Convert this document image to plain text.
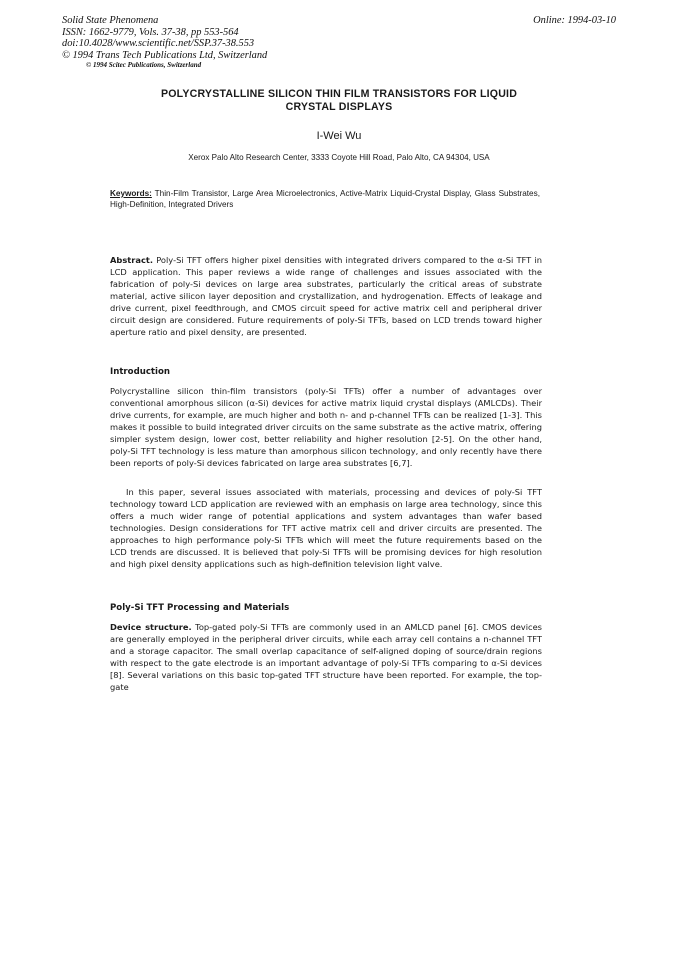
Solid State Phenomena
ISSN: 1662-9779, Vols. 37-38, pp 553-564
doi:10.4028/www.scientific.net/SSP.37-38.553
© 1994 Trans Tech Publications Ltd, Switzerland
© 1994 Scitec Publications, Switzerland
Online: 1994-03-10
POLYCRYSTALLINE SILICON THIN FILM TRANSISTORS FOR LIQUID
CRYSTAL DISPLAYS
I-Wei Wu
Xerox Palo Alto Research Center, 3333 Coyote Hill Road, Palo Alto, CA 94304, USA
Keywords: Thin-Film Transistor, Large Area Microelectronics, Active-Matrix Liquid-Crystal Display, Glass Substrates, High-Definition, Integrated Drivers

Abstract. Poly-Si TFT offers higher pixel densities with integrated drivers compared to the α-Si TFT in LCD application. This paper reviews a wide range of challenges and issues associated with the fabrication of poly-Si devices on large area substrates, particularly the critical areas of substrate material, active silicon layer deposition and crystallization, and hydrogenation. Effects of leakage and drive current, pixel feedthrough, and CMOS circuit speed for active matrix cell and peripheral driver circuit design are considered. Future requirements of poly-Si TFTs, based on LCD trends toward higher aperture ratio and pixel density, are presented.

Introduction

Polycrystalline silicon thin-film transistors (poly-Si TFTs) offer a number of advantages over conventional amorphous silicon (α-Si) devices for active matrix liquid crystal displays (AMLCDs). Their drive currents, for example, are much higher and both n- and p-channel TFTs can be realized [1-3]. This makes it possible to build integrated driver circuits on the same substrate as the active matrix, offering simpler system design, lower cost, better reliability and higher resolution [2-5]. On the other hand, poly-Si TFT technology is less mature than amorphous silicon technology, and only recently have there been reports of poly-Si devices fabricated on large area substrates [6,7].

In this paper, several issues associated with materials, processing and devices of poly-Si TFT technology toward LCD application are reviewed with an emphasis on large area technology, since this offers a much wider range of potential applications and system advantages than wafer based technologies. Design considerations for TFT active matrix cell and driver circuits are presented. The approaches to high performance poly-Si TFTs which will meet the future requirements based on the LCD trends are discussed. It is believed that poly-Si TFTs will be promising devices for high resolution and high pixel density applications such as high-definition television light valve.

Poly-Si TFT Processing and Materials

Device structure. Top-gated poly-Si TFTs are commonly used in an AMLCD panel [6]. CMOS devices are generally employed in the peripheral driver circuits, while each array cell contains a n-channel TFT and a storage capacitor. The small overlap capacitance of self-aligned doping of source/drain regions with respect to the gate electrode is an important advantage of poly-Si TFTs comparing to α-Si devices [8]. Several variations on this basic top-gated TFT structure have been reported. For example, the top-gate
